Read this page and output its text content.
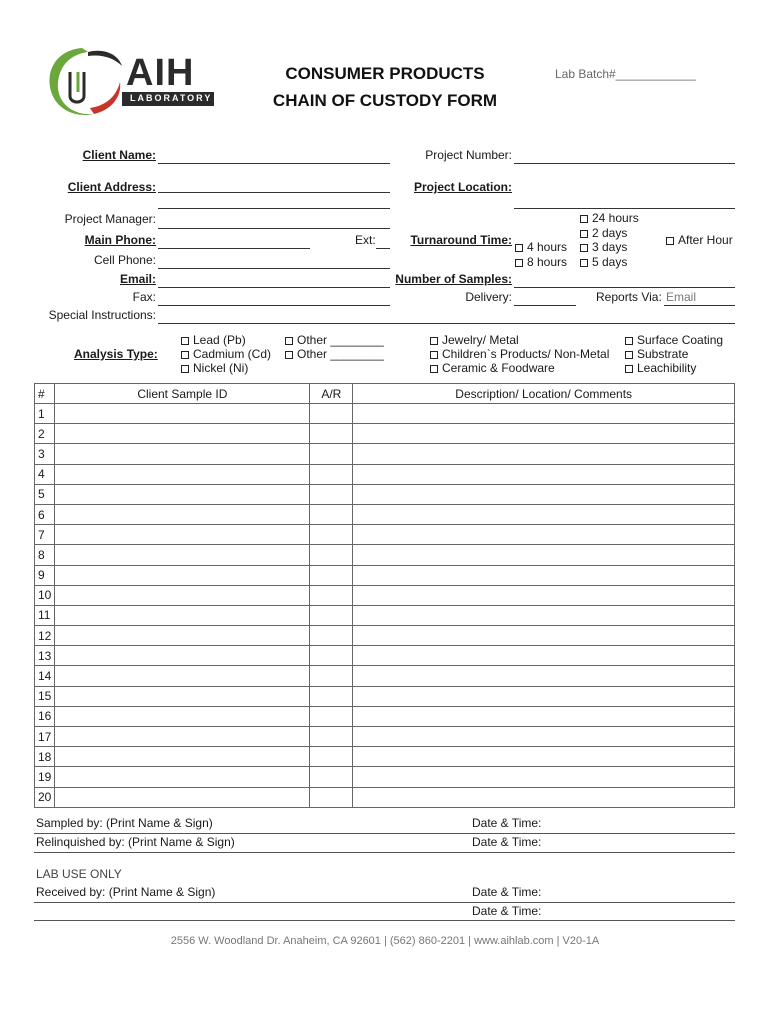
AIH
LABORATORY
CONSUMER PRODUCTS
CHAIN OF CUSTODY FORM
Lab Batch#____________
Client Name:
Client Address:
Project Manager:
Main Phone:	Ext:
Cell Phone:
Email:
Fax:
Special Instructions:
Project Number:
Project Location:
Turnaround Time:
24 hours
2 days
4 hours	3 days
8 hours	5 days
After Hour
Number of Samples:
Delivery:	Reports Via: Email
Analysis Type:
Lead (Pb)
Cadmium (Cd)
Nickel (Ni)
Other ________
Other ________
Jewelry/ Metal
Children`s Products/ Non-Metal
Ceramic & Foodware
Surface Coating
Substrate
Leachibility
#	Client Sample ID	A/R	Description/ Location/ Comments
1			
2			
3			
4			
5			
6			
7			
8			
9			
10			
11			
12			
13			
14			
15			
16			
17			
18			
19			
20			
Sampled by: (Print Name & Sign)	Date & Time:
Relinquished by: (Print Name & Sign)	Date & Time:
LAB USE ONLY
Received by: (Print Name & Sign)	Date & Time:
Date & Time:
2556 W. Woodland Dr. Anaheim, CA 92601 | (562) 860-2201 | www.aihlab.com | V20-1A
